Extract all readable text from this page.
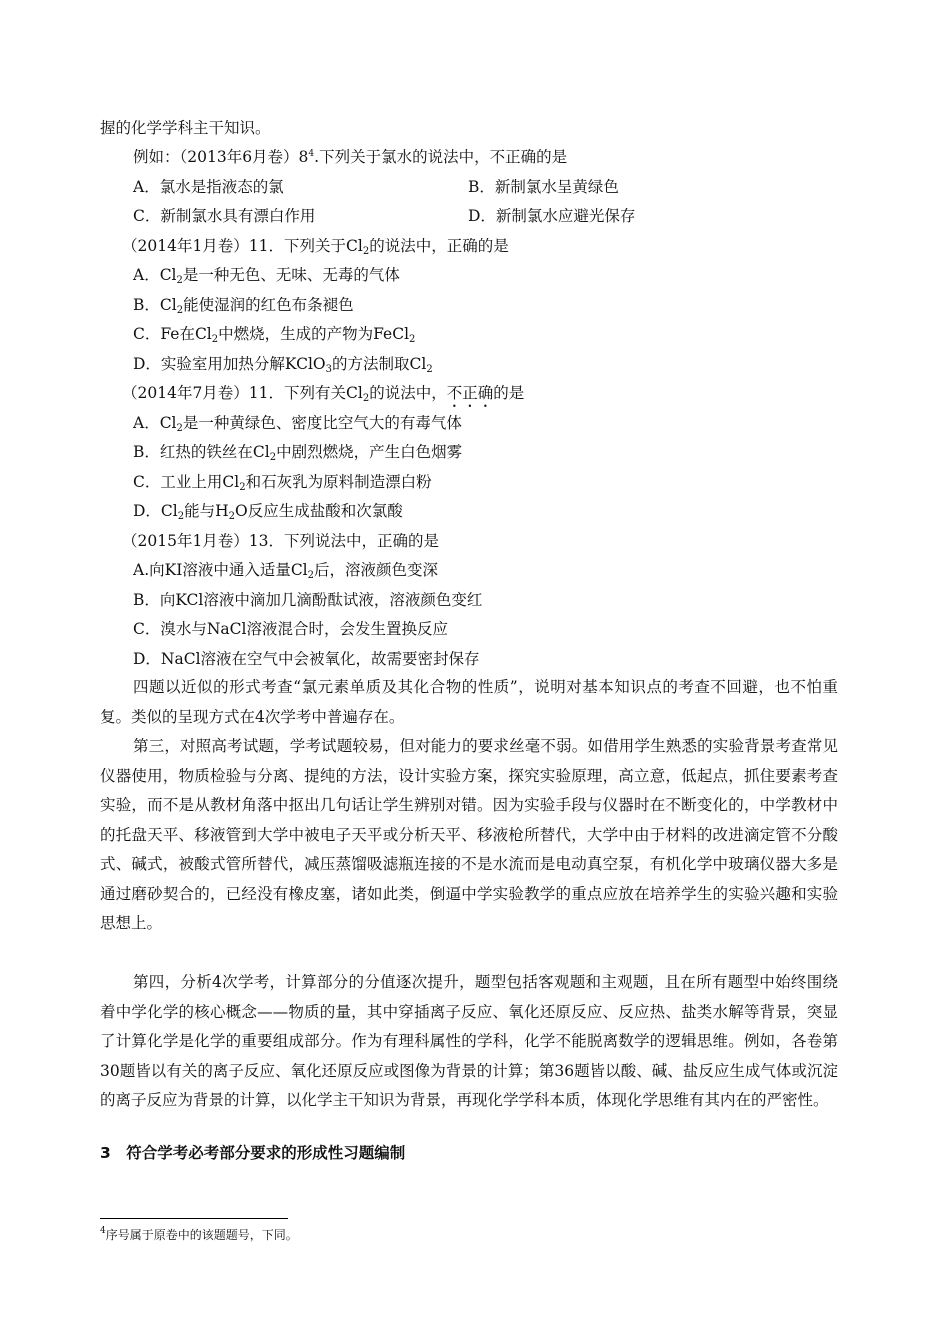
握的化学学科主干知识。
例如：（2013年6月卷）$8^4$.下列关于氯水的说法中，不正确的是
A．氯水是指液态的氯	B．新制氯水呈黄绿色
C．新制氯水具有漂白作用	D．新制氯水应避光保存
（2014年1月卷）11．下列关于$Cl_2$的说法中，正确的是
A．$Cl_2$是一种无色、无味、无毒的气体
B．$Cl_2$能使湿润的红色布条褪色
C．Fe在$Cl_2$中燃烧，生成的产物为FeCl$_2$
D．实验室用加热分解KClO$_3$的方法制取$Cl_2$
（2014年7月卷）11．下列有关$Cl_2$的说法中，不正确的是
A．$Cl_2$是一种黄绿色、密度比空气大的有毒气体
B．红热的铁丝在$Cl_2$中剧烈燃烧，产生白色烟雾
C．工业上用$Cl_2$和石灰乳为原料制造漂白粉
D．$Cl_2$能与$H_2O$反应生成盐酸和次氯酸
（2015年1月卷）13．下列说法中，正确的是
A.向KI溶液中通入适量$Cl_2$后，溶液颜色变深
B．向KCl溶液中滴加几滴酚酞试液，溶液颜色变红
C．溴水与NaCl溶液混合时，会发生置换反应
D．NaCl溶液在空气中会被氧化，故需要密封保存
四题以近似的形式考查“氯元素单质及其化合物的性质”，说明对基本知识点的考查不回避，也不怕重复。类似的呈现方式在4次学考中普遍存在。
第三，对照高考试题，学考试题较易，但对能力的要求丝毫不弱。如借用学生熟悉的实验背景考查常见仪器使用，物质检验与分离、提纯的方法，设计实验方案，探究实验原理，高立意，低起点，抓住要素考查实验，而不是从教材角落中抠出几句话让学生辨别对错。因为实验手段与仪器时在不断变化的，中学教材中的托盘天平、移液管到大学中被电子天平或分析天平、移液枪所替代，大学中由于材料的改进滴定管不分酸式、碱式，被酸式管所替代，减压蒸馏吸滤瓶连接的不是水流而是电动真空泵，有机化学中玻璃仪器大多是通过磨砂契合的，已经没有橡皮塞，诸如此类，倒逼中学实验教学的重点应放在培养学生的实验兴趣和实验思想上。
第四，分析4次学考，计算部分的分值逐次提升，题型包括客观题和主观题，且在所有题型中始终围绕着中学化学的核心概念——物质的量，其中穿插离子反应、氧化还原反应、反应热、盐类水解等背景，突显了计算化学是化学的重要组成部分。作为有理科属性的学科，化学不能脱离数学的逻辑思维。例如，各卷第30题皆以有关的离子反应、氧化还原反应或图像为背景的计算；第36题皆以酸、碱、盐反应生成气体或沉淀的离子反应为背景的计算，以化学主干知识为背景，再现化学学科本质，体现化学思维有其内在的严密性。
3　符合学考必考部分要求的形成性习题编制
$^4$序号属于原卷中的该题题号，下同。
